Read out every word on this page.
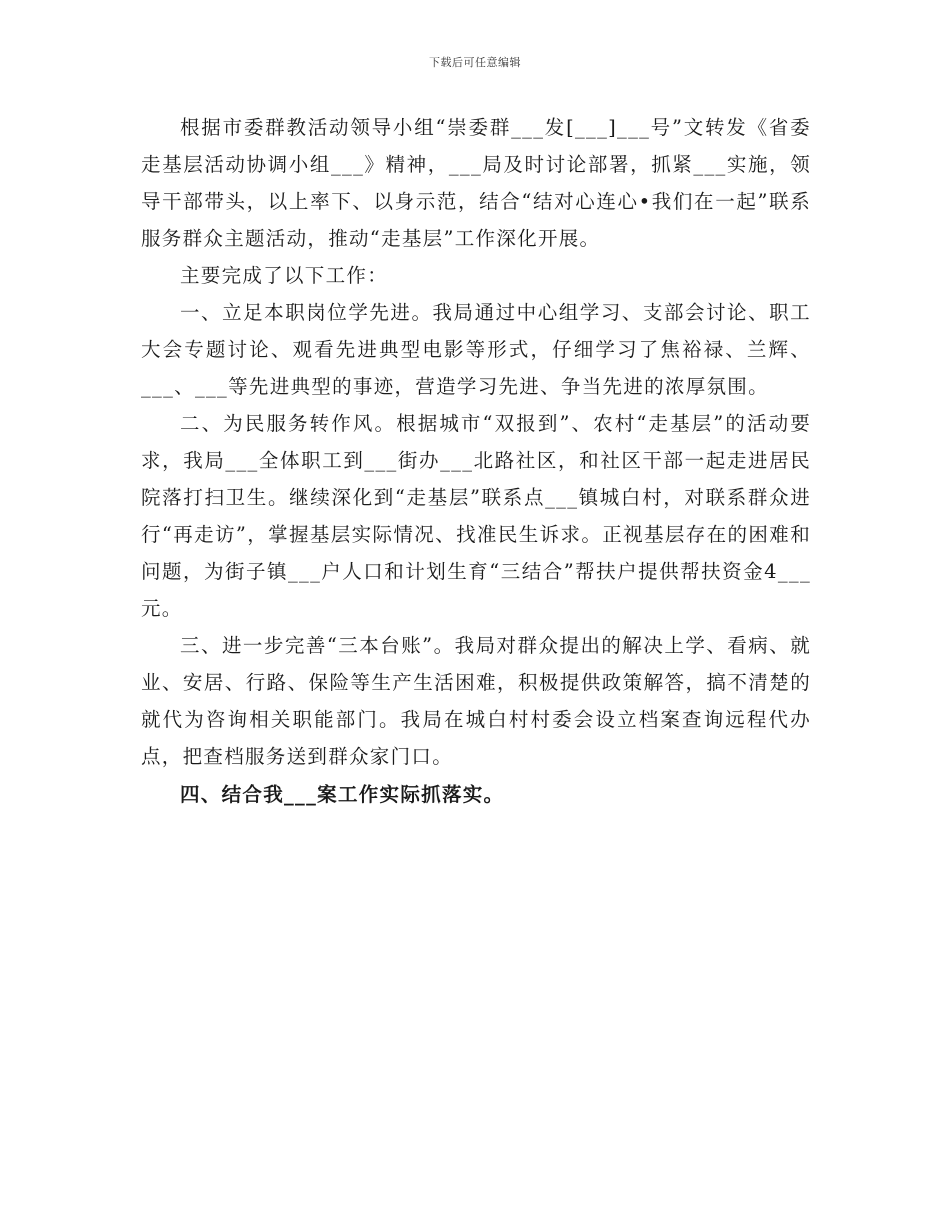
下载后可任意编辑

根据市委群教活动领导小组“崇委群___发[___]___号”文转发《省委走基层活动协调小组___》精神，___局及时讨论部署，抓紧___实施，领导干部带头，以上率下、以身示范，结合“结对心连心•我们在一起”联系服务群众主题活动，推动“走基层”工作深化开展。

主要完成了以下工作：

一、立足本职岗位学先进。我局通过中心组学习、支部会讨论、职工大会专题讨论、观看先进典型电影等形式，仔细学习了焦裕禄、兰辉、___、___等先进典型的事迹，营造学习先进、争当先进的浓厚氛围。

二、为民服务转作风。根据城市“双报到”、农村“走基层”的活动要求，我局___全体职工到___街办___北路社区，和社区干部一起走进居民院落打扫卫生。继续深化到“走基层”联系点___镇城白村，对联系群众进行“再走访”，掌握基层实际情况、找准民生诉求。正视基层存在的困难和问题，为街子镇___户人口和计划生育“三结合”帮扶户提供帮扶资金4___元。

三、进一步完善“三本台账”。我局对群众提出的解决上学、看病、就业、安居、行路、保险等生产生活困难，积极提供政策解答，搞不清楚的就代为咨询相关职能部门。我局在城白村村委会设立档案查询远程代办点，把查档服务送到群众家门口。

四、结合我___案工作实际抓落实。
